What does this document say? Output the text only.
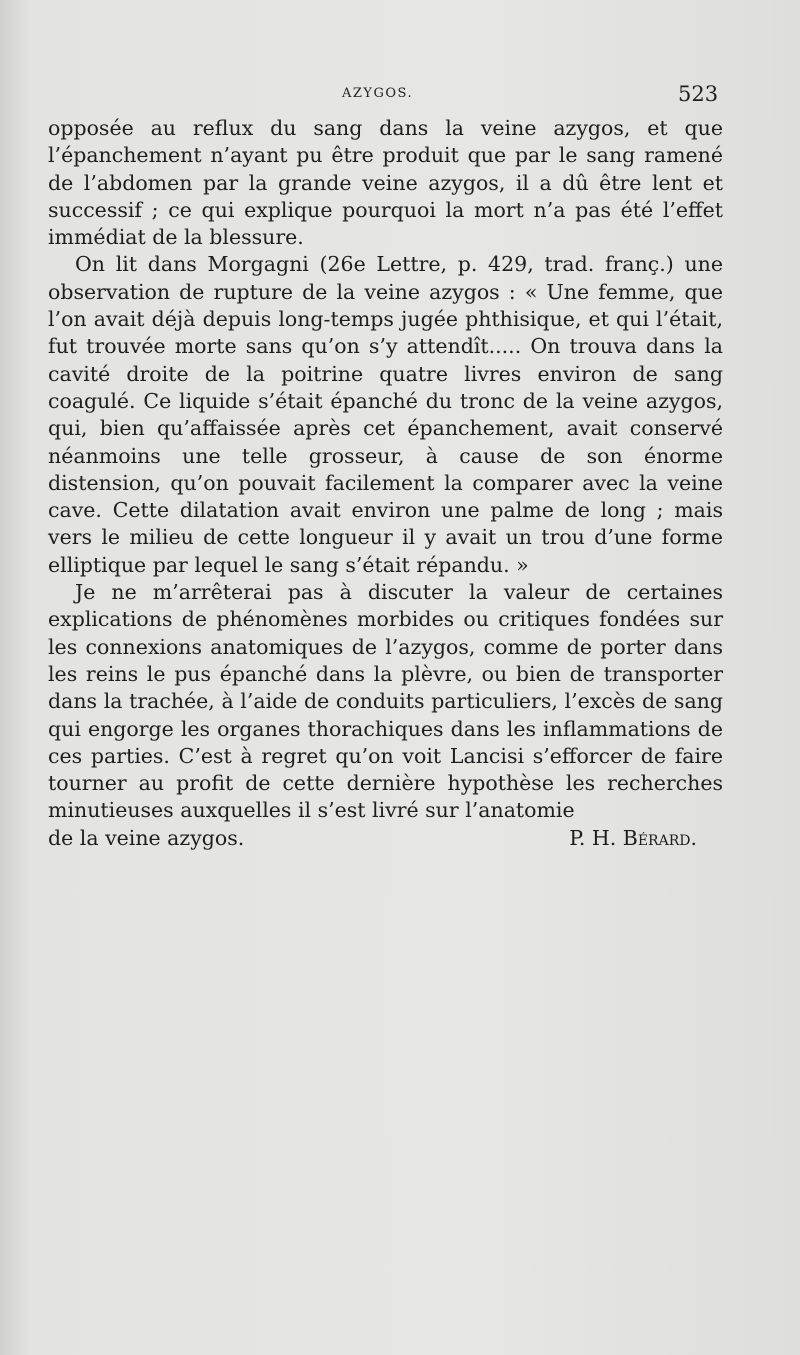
AZYGOS.	523

opposée au reflux du sang dans la veine azygos, et que l’épanchement n’ayant pu être produit que par le sang ramené de l’abdomen par la grande veine azygos, il a dû être lent et successif ; ce qui explique pourquoi la mort n’a pas été l’effet immédiat de la blessure.

On lit dans Morgagni (26e Lettre, p. 429, trad. franç.) une observation de rupture de la veine azygos : « Une femme, que l’on avait déjà depuis long-temps jugée phthisique, et qui l’était, fut trouvée morte sans qu’on s’y attendît..... On trouva dans la cavité droite de la poitrine quatre livres environ de sang coagulé. Ce liquide s’était épanché du tronc de la veine azygos, qui, bien qu’affaissée après cet épanchement, avait conservé néanmoins une telle grosseur, à cause de son énorme distension, qu’on pouvait facilement la comparer avec la veine cave. Cette dilatation avait environ une palme de long ; mais vers le milieu de cette longueur il y avait un trou d’une forme elliptique par lequel le sang s’était répandu. »

Je ne m’arrêterai pas à discuter la valeur de certaines explications de phénomènes morbides ou critiques fondées sur les connexions anatomiques de l’azygos, comme de porter dans les reins le pus épanché dans la plèvre, ou bien de transporter dans la trachée, à l’aide de conduits particuliers, l’excès de sang qui engorge les organes thorachiques dans les inflammations de ces parties. C’est à regret qu’on voit Lancisi s’efforcer de faire tourner au profit de cette dernière hypothèse les recherches minutieuses auxquelles il s’est livré sur l’anatomie

de la veine azygos.	P. H. Bérard.
